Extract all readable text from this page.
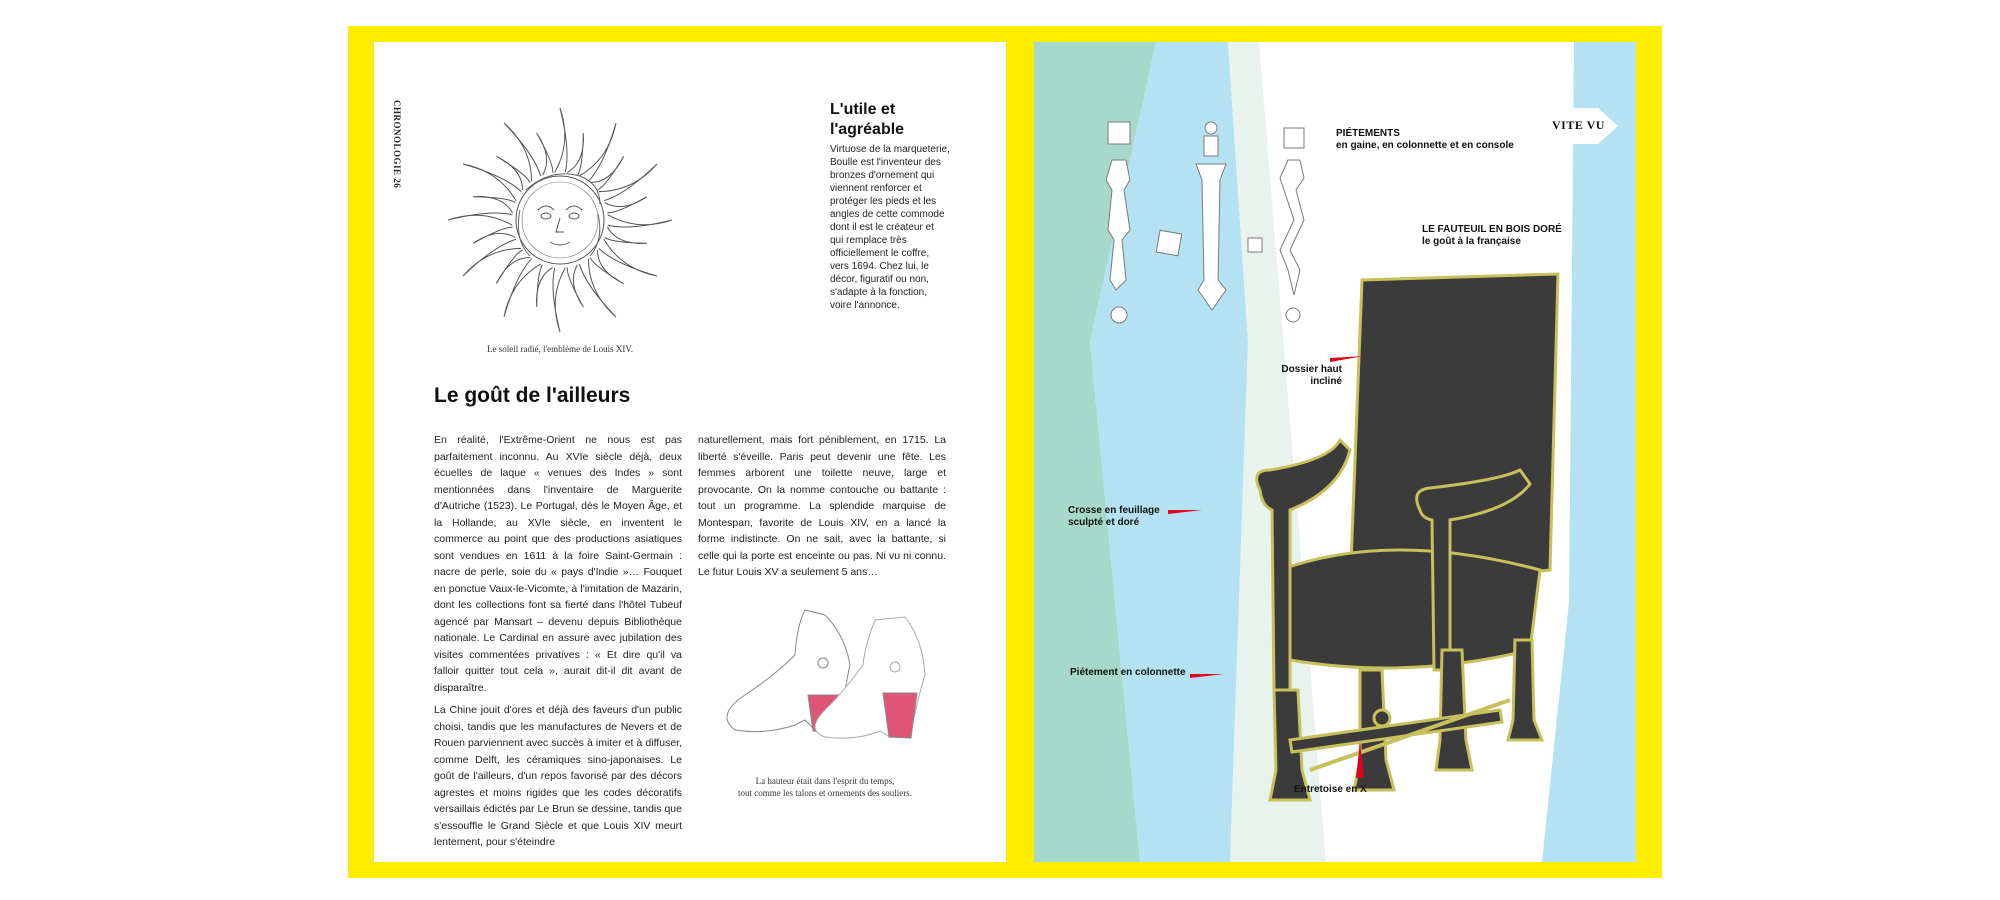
CHRONOLOGIE 26
Le soleil radié, l'emblème de Louis XIV.
L'utile et
l'agréable
Virtuose de la marqueterie, Boulle est l'inventeur des bronzes d'ornement qui viennent renforcer et protéger les pieds et les angles de cette commode dont il est le créateur et qui remplace très officiellement le coffre, vers 1694. Chez lui, le décor, figuratif ou non, s'adapte à la fonction, voire l'annonce.
Le goût de l'ailleurs

En réalité, l'Extrême-Orient ne nous est pas parfaitement inconnu. Au XVIe siècle déjà, deux écuelles de laque « venues des Indes » sont mentionnées dans l'inventaire de Marguerite d'Autriche (1523). Le Portugal, dès le Moyen Âge, et la Hollande, au XVIe siècle, en inventent le commerce au point que des productions asiatiques sont vendues en 1611 à la foire Saint-Germain : nacre de perle, soie du « pays d'Indie »… Fouquet en ponctue Vaux-le-Vicomte, à l'imitation de Mazarin, dont les collections font sa fierté dans l'hôtel Tubeuf agencé par Mansart – devenu depuis Bibliothèque nationale. Le Cardinal en assure avec jubilation des visites commentées privatives : « Et dire qu'il va falloir quitter tout cela », aurait dit-il dit avant de disparaître.

La Chine jouit d'ores et déjà des faveurs d'un public choisi, tandis que les manufactures de Nevers et de Rouen parviennent avec succès à imiter et à diffuser, comme Delft, les céramiques sino-japonaises. Le goût de l'ailleurs, d'un repos favorisé par des décors agrestes et moins rigides que les codes décoratifs versaillais édictés par Le Brun se dessine, tandis que s'essouffle le Grand Siècle et que Louis XIV meurt lentement, pour s'éteindre

naturellement, mais fort péniblement, en 1715. La liberté s'éveille. Paris peut devenir une fête. Les femmes arborent une toilette neuve, large et provocante. On la nomme contouche ou battante : tout un programme. La splendide marquise de Montespan, favorite de Louis XIV, en a lancé la forme indistincte. On ne sait, avec la battante, si celle qui la porte est enceinte ou pas. Ni vu ni connu. Le futur Louis XV a seulement 5 ans…

La hauteur était dans l'esprit du temps,
tout comme les talons et ornements des souliers.
VITE VU
PIÉTEMENTS
en gaine, en colonnette et en console
LE FAUTEUIL EN BOIS DORÉ
le goût à la française
Dossier haut
incliné
Crosse en feuillage
sculpté et doré
Piétement en colonnette
Entretoise en X
